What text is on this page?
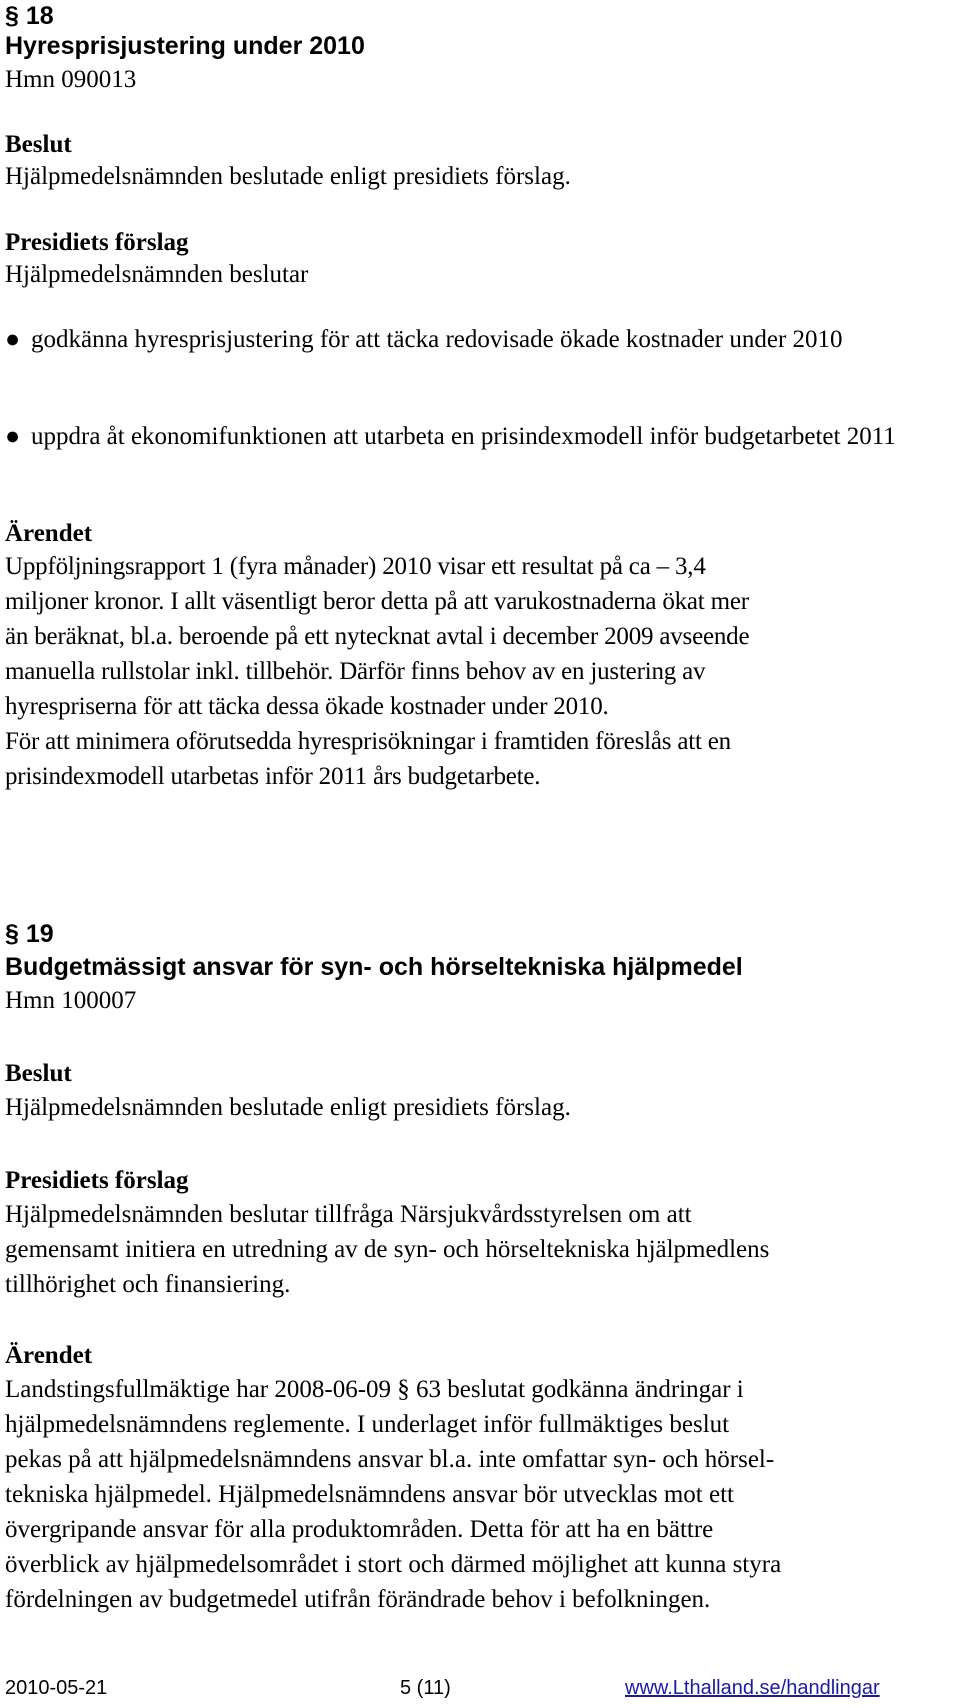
§ 18
Hyresprisjustering under 2010
Hmn 090013
Beslut
Hjälpmedelsnämnden beslutade enligt presidiets förslag.
Presidiets förslag
Hjälpmedelsnämnden beslutar
● godkänna hyresprisjustering för att täcka redovisade ökade kostnader under 2010
● uppdra åt ekonomifunktionen att utarbeta en prisindexmodell inför budgetarbetet 2011
Ärendet

Uppföljningsrapport 1 (fyra månader) 2010 visar ett resultat på ca – 3,4

miljoner kronor. I allt väsentligt beror detta på att varukostnaderna ökat mer

än beräknat, bl.a. beroende på ett nytecknat avtal i december 2009 avseende

manuella rullstolar inkl. tillbehör. Därför finns behov av en justering av

hyrespriserna för att täcka dessa ökade kostnader under 2010.

För att minimera oförutsedda hyresprisökningar i framtiden föreslås att en

prisindexmodell utarbetas inför 2011 års budgetarbete.

§ 19
Budgetmässigt ansvar för syn- och hörseltekniska hjälpmedel
Hmn 100007
Beslut
Hjälpmedelsnämnden beslutade enligt presidiets förslag.
Presidiets förslag

Hjälpmedelsnämnden beslutar tillfråga Närsjukvårdsstyrelsen om att

gemensamt initiera en utredning av de syn- och hörseltekniska hjälpmedlens

tillhörighet och finansiering.

Ärendet

Landstingsfullmäktige har 2008-06-09 § 63 beslutat godkänna ändringar i

hjälpmedelsnämndens reglemente. I underlaget inför fullmäktiges beslut

pekas på att hjälpmedelsnämndens ansvar bl.a. inte omfattar syn- och hörsel-

tekniska hjälpmedel. Hjälpmedelsnämndens ansvar bör utvecklas mot ett

övergripande ansvar för alla produktområden. Detta för att ha en bättre

överblick av hjälpmedelsområdet i stort och därmed möjlighet att kunna styra

fördelningen av budgetmedel utifrån förändrade behov i befolkningen.

2010-05-21	5 (11)	www.Lthalland.se/handlingar
